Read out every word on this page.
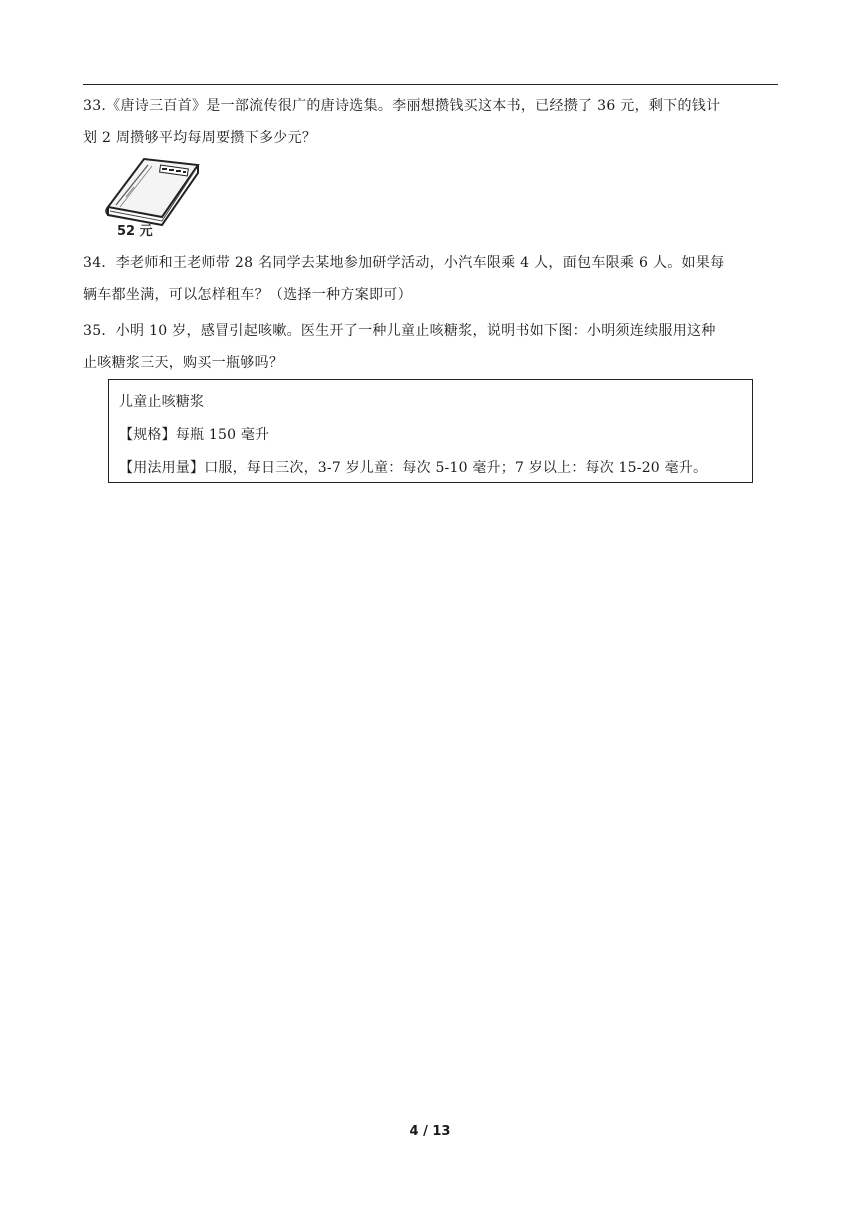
33.《唐诗三百首》是一部流传很广的唐诗选集。李丽想攒钱买这本书，已经攒了 36 元，剩下的钱计
划 2 周攒够平均每周要攒下多少元？
52 元
34．李老师和王老师带 28 名同学去某地参加研学活动，小汽车限乘 4 人，面包车限乘 6 人。如果每
辆车都坐满，可以怎样租车？（选择一种方案即可）
35．小明 10 岁，感冒引起咳嗽。医生开了一种儿童止咳糖浆，说明书如下图：小明须连续服用这种
止咳糖浆三天，购买一瓶够吗？
儿童止咳糖浆
【规格】每瓶 150 毫升
【用法用量】口服，每日三次，3-7 岁儿童：每次 5-10 毫升；7 岁以上：每次 15-20 毫升。
4 / 13
